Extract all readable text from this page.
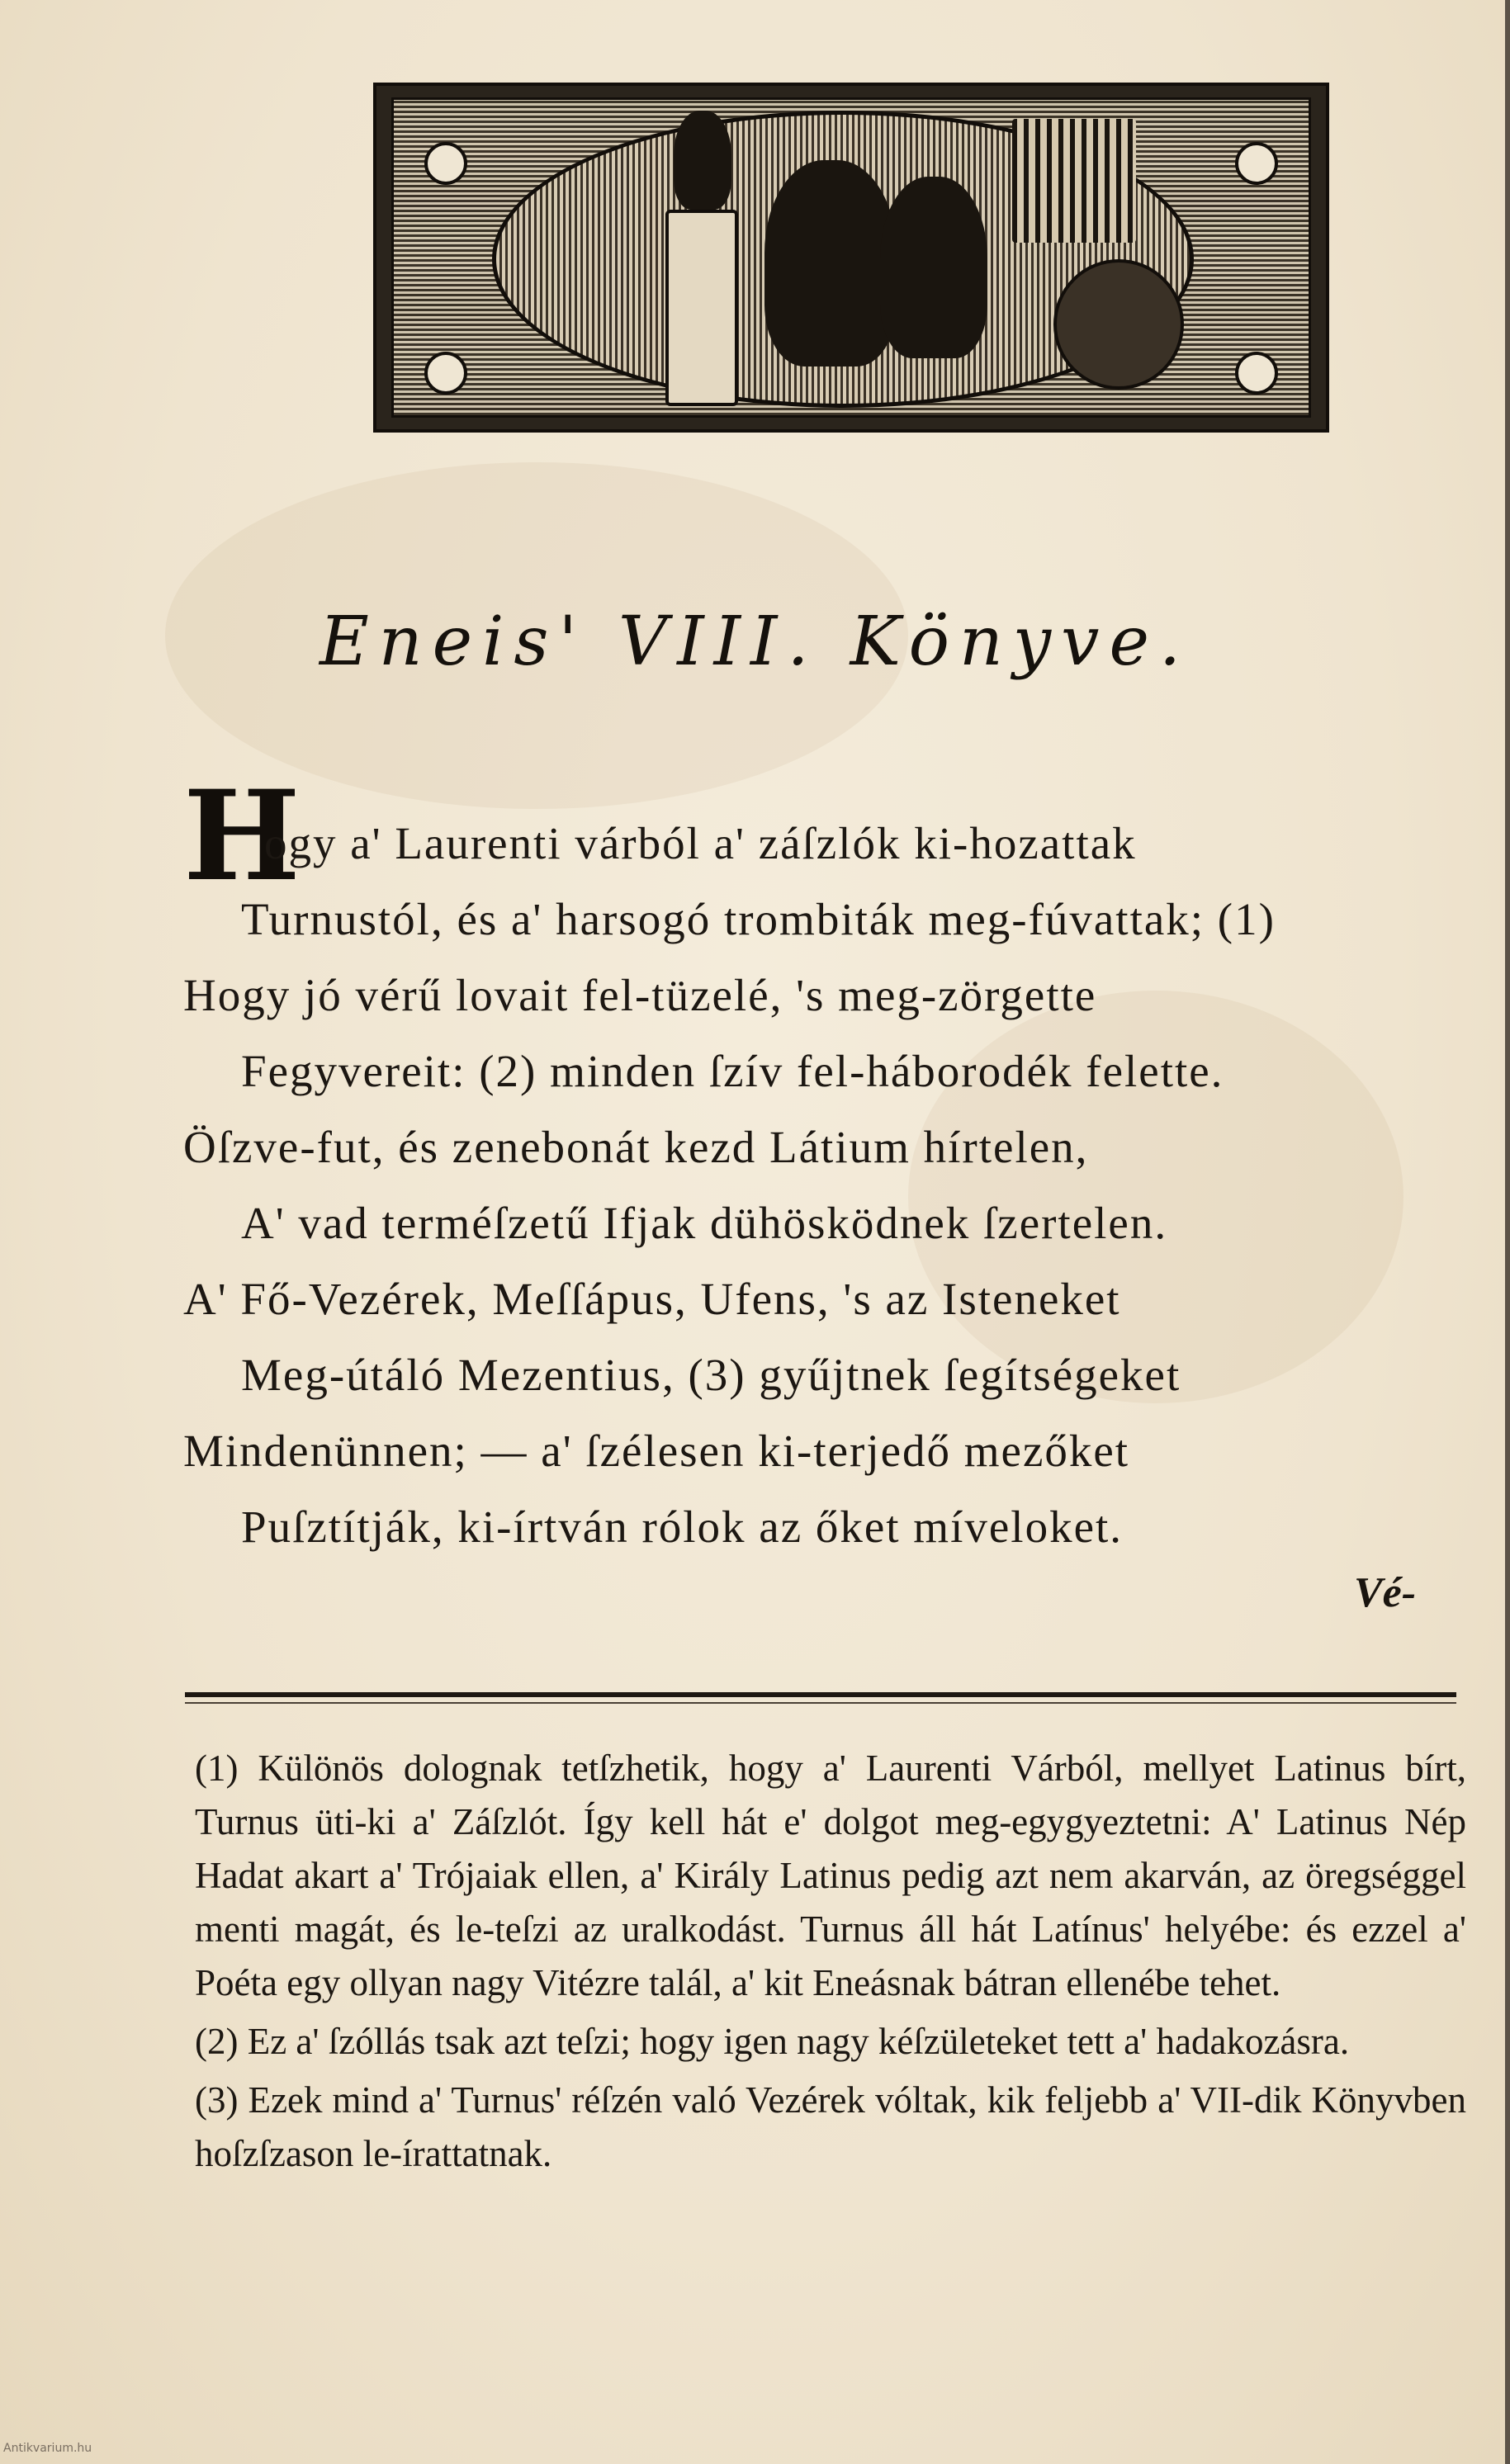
Eneis' VIII. Könyve.
H
ogy a' Laurenti várból a' záſzlók ki-hozattak
Turnustól, és a' harsogó trombiták meg-fúvattak; (1)
Hogy jó vérű lovait fel-tüzelé, 's meg-zörgette
Fegyvereit: (2) minden ſzív fel-háborodék felette.
Öſzve-fut, és zenebonát kezd Látium hírtelen,
A' vad terméſzetű Ifjak dühösködnek ſzertelen.
A' Fő-Vezérek, Meſſápus, Ufens, 's az Isteneket
Meg-útáló Mezentius, (3) gyűjtnek ſegítségeket
Mindenünnen; — a' ſzélesen ki-terjedő mezőket
Puſztítják, ki-írtván rólok az őket míveloket.
Vé-

(1) Különös dolognak tetſzhetik, hogy a' Laurenti Várból, mellyet Latinus bírt, Turnus üti-ki a' Záſzlót. Így kell hát e' dolgot meg-egygyeztetni: A' Latinus Nép Hadat akart a' Trójaiak ellen, a' Király Latinus pedig azt nem akarván, az öregséggel menti magát, és le-teſzi az uralkodást. Turnus áll hát Latínus' helyébe: és ezzel a' Poéta egy ollyan nagy Vitézre talál, a' kit Eneásnak bátran ellenébe tehet.

(2) Ez a' ſzóllás tsak azt teſzi; hogy igen nagy kéſzületeket tett a' hadakozásra.

(3) Ezek mind a' Turnus' réſzén való Vezérek vóltak, kik feljebb a' VII-dik Könyvben hoſzſzason le-írattatnak.

Antikvarium.hu
